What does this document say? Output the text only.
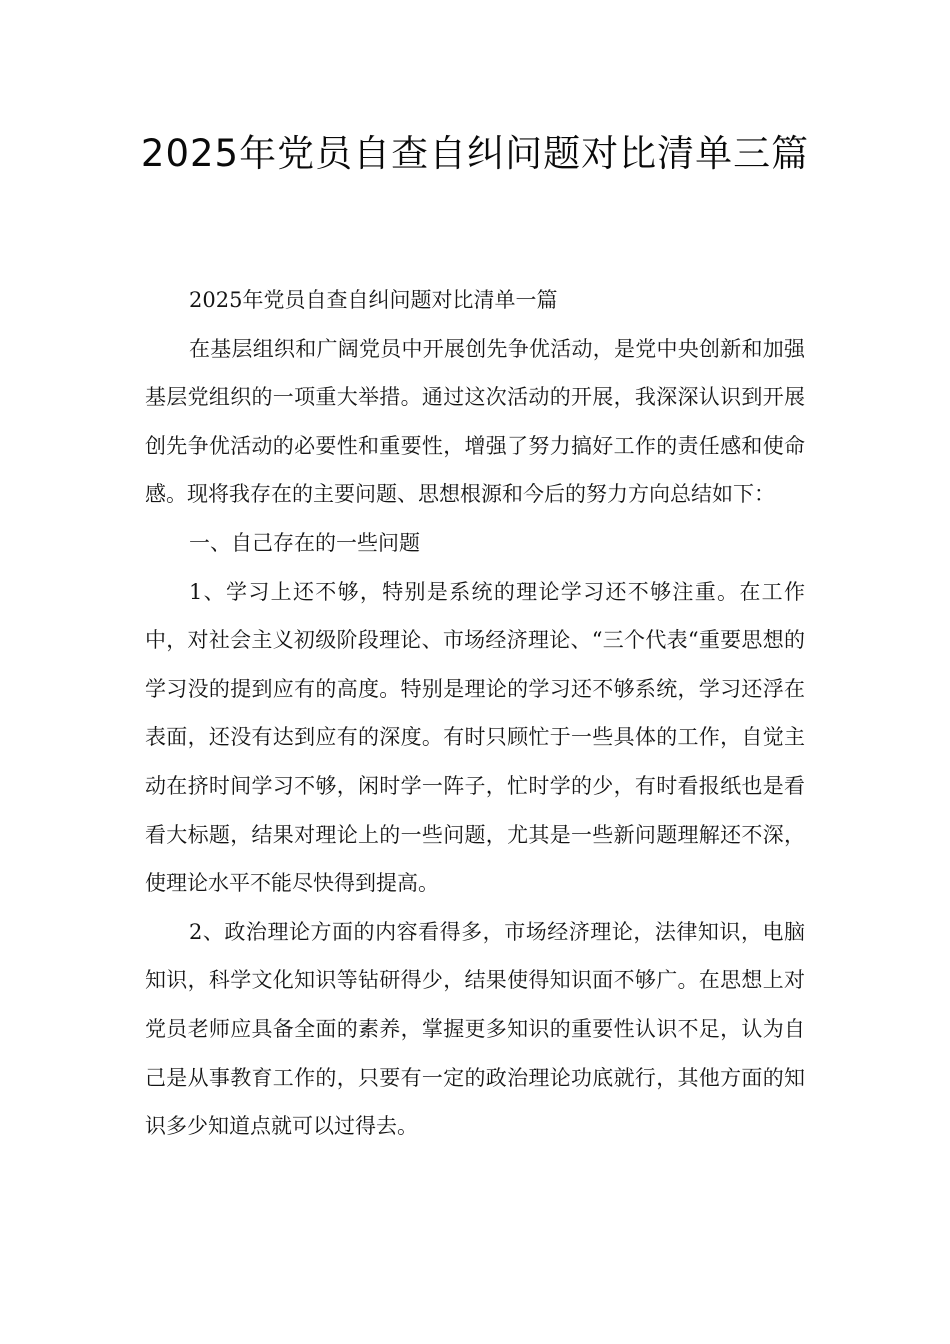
2025年党员自查自纠问题对比清单三篇

2025年党员自查自纠问题对比清单一篇

在基层组织和广阔党员中开展创先争优活动，是党中央创新和加强基层党组织的一项重大举措。通过这次活动的开展，我深深认识到开展创先争优活动的必要性和重要性，增强了努力搞好工作的责任感和使命感。现将我存在的主要问题、思想根源和今后的努力方向总结如下：

一、自己存在的一些问题

1、学习上还不够，特别是系统的理论学习还不够注重。在工作中，对社会主义初级阶段理论、市场经济理论、“三个代表“重要思想的学习没的提到应有的高度。特别是理论的学习还不够系统，学习还浮在表面，还没有达到应有的深度。有时只顾忙于一些具体的工作，自觉主动在挤时间学习不够，闲时学一阵子，忙时学的少，有时看报纸也是看看大标题，结果对理论上的一些问题，尤其是一些新问题理解还不深，使理论水平不能尽快得到提高。

2、政治理论方面的内容看得多，市场经济理论，法律知识，电脑知识，科学文化知识等钻研得少，结果使得知识面不够广。在思想上对党员老师应具备全面的素养，掌握更多知识的重要性认识不足，认为自己是从事教育工作的，只要有一定的政治理论功底就行，其他方面的知识多少知道点就可以过得去。
